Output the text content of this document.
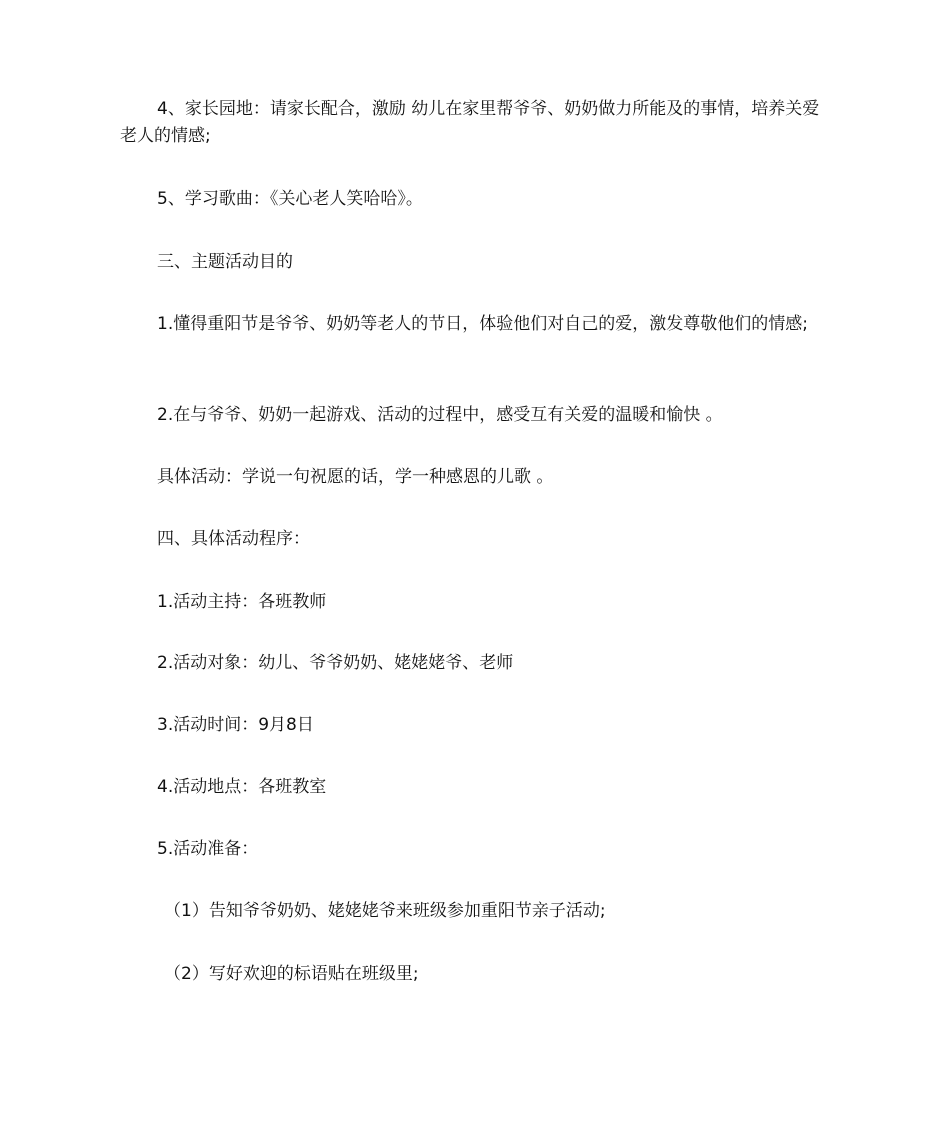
4、家长园地：请家长配合，激励 幼儿在家里帮爷爷、奶奶做力所能及的事情，培养关爱老人的情感;

5、学习歌曲：《关心老人笑哈哈》。

三、主题活动目的

1.懂得重阳节是爷爷、奶奶等老人的节日，体验他们对自己的爱，激发尊敬他们的情感;

2.在与爷爷、奶奶一起游戏、活动的过程中，感受互有关爱的温暖和愉快 。

具体活动：学说一句祝愿的话，学一种感恩的儿歌 。

四、具体活动程序：

1.活动主持：各班教师

2.活动对象：幼儿、爷爷奶奶、姥姥姥爷、老师

3.活动时间：9月8日

4.活动地点：各班教室

5.活动准备：

（1）告知爷爷奶奶、姥姥姥爷来班级参加重阳节亲子活动;

（2）写好欢迎的标语贴在班级里;
